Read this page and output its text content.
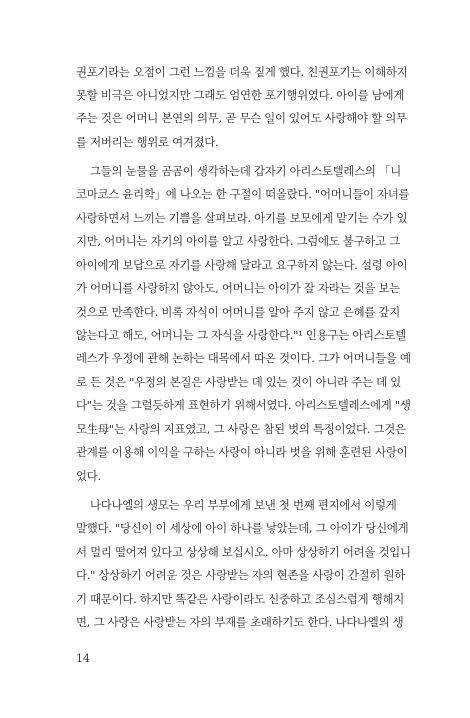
권포기라는 오점이 그런 느낌을 더욱 짙게 했다. 친권포기는 이해하지
못할 비극은 아니었지만 그래도 엄연한 포기행위였다. 아이를 남에게
주는 것은 어머니 본연의 의무, 곧 무슨 일이 있어도 사랑해야 할 의무
를 저버리는 행위로 여겨졌다.
그들의 눈물을 곰곰이 생각하는데 갑자기 아리스토텔레스의 「니
코마코스 윤리학」에 나오는 한 구절이 떠올랐다. "어머니들이 자녀를
사랑하면서 느끼는 기쁨을 살펴보라. 아기를 보모에게 맡기는 수가 있
지만, 어머니는 자기의 아이를 알고 사랑한다. 그럼에도 불구하고 그
아이에게 보답으로 자기를 사랑해 달라고 요구하지 않는다. 설령 아이
가 어머니를 사랑하지 않아도, 어머니는 아이가 잘 자라는 것을 보는
것으로 만족한다. 비록 자식이 어머니를 알아 주지 않고 은혜를 갚지
않는다고 해도, 어머니는 그 자식을 사랑한다."¹ 인용구는 아리스토텔
레스가 우정에 관해 논하는 대목에서 따온 것이다. 그가 어머니들을 예
로 든 것은 "우정의 본질은 사랑받는 데 있는 것이 아니라 주는 데 있
다"는 것을 그럴듯하게 표현하기 위해서였다. 아리스토텔레스에게 "생
모生母"는 사랑의 지표였고, 그 사랑은 참된 벗의 특징이었다. 그것은
관계를 이용해 이익을 구하는 사랑이 아니라 벗을 위해 훈련된 사랑이
었다.
나다나엘의 생모는 우리 부부에게 보낸 첫 번째 편지에서 이렇게
말했다. "당신이 이 세상에 아이 하나를 낳았는데, 그 아이가 당신에게
서 멀리 떨어져 있다고 상상해 보십시오. 아마 상상하기 어려울 것입니
다." 상상하기 어려운 것은 사랑받는 자의 현존을 사랑이 간절히 원하
기 때문이다. 하지만 똑같은 사랑이라도 신중하고 조심스럽게 행해지
면, 그 사랑은 사랑받는 자의 부재를 초래하기도 한다. 나다나엘의 생
14
